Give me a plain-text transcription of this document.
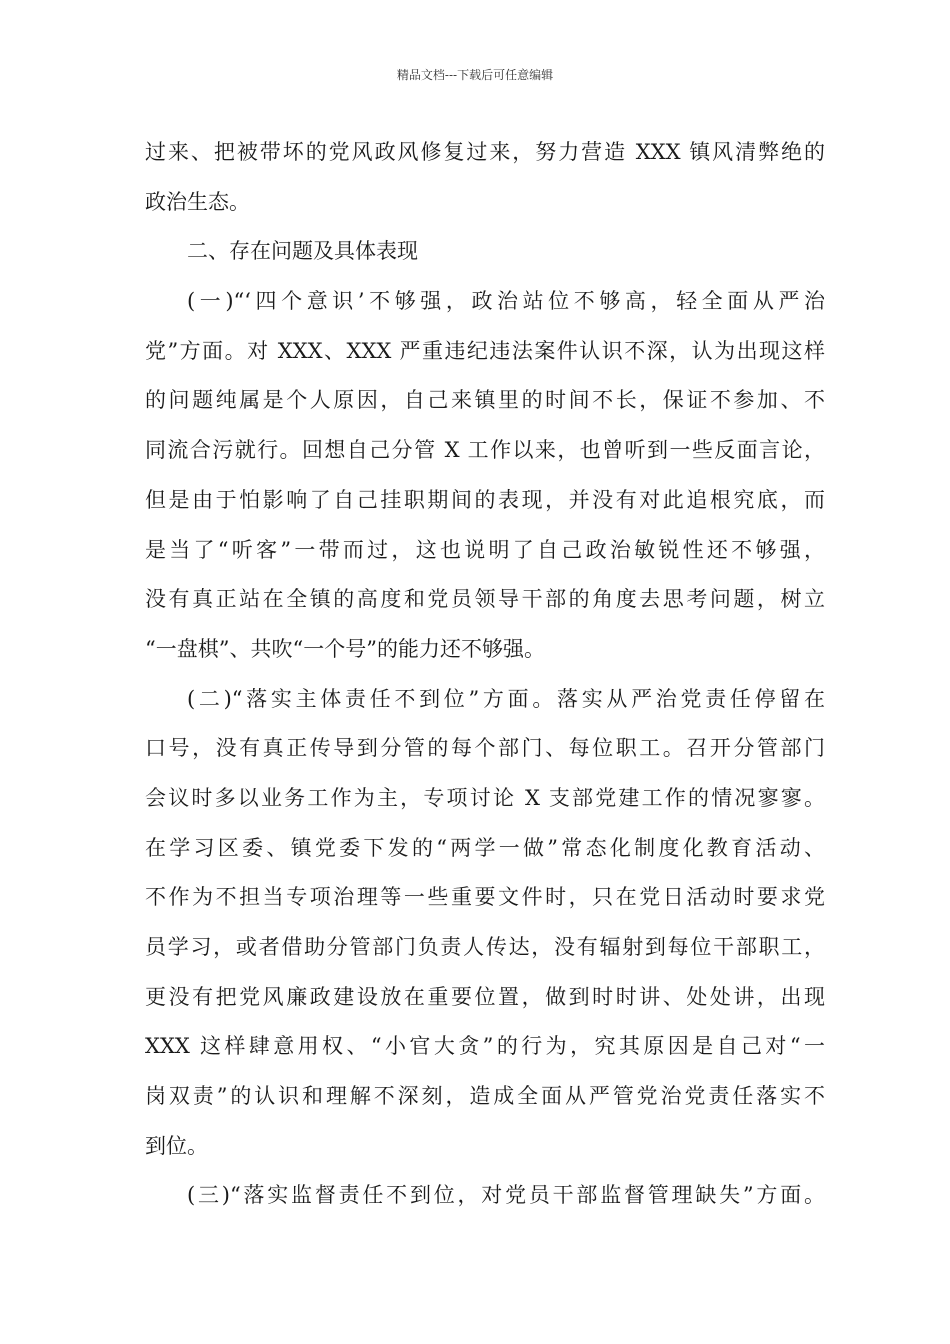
精品文档---下载后可任意编辑
过来、把被带坏的党风政风修复过来，努力营造 XXX 镇风清弊绝的
政治生态。
二、存在问题及具体表现
(一)“‘四个意识’不够强，政治站位不够高，轻全面从严治
党”方面。对 XXX、XXX 严重违纪违法案件认识不深，认为出现这样
的问题纯属是个人原因，自己来镇里的时间不长，保证不参加、不
同流合污就行。回想自己分管 X 工作以来，也曾听到一些反面言论，
但是由于怕影响了自己挂职期间的表现，并没有对此追根究底，而
是当了“听客”一带而过，这也说明了自己政治敏锐性还不够强，
没有真正站在全镇的高度和党员领导干部的角度去思考问题，树立
“一盘棋”、共吹“一个号”的能力还不够强。
(二)“落实主体责任不到位”方面。落实从严治党责任停留在
口号，没有真正传导到分管的每个部门、每位职工。召开分管部门
会议时多以业务工作为主，专项讨论 X 支部党建工作的情况寥寥。
在学习区委、镇党委下发的“两学一做”常态化制度化教育活动、
不作为不担当专项治理等一些重要文件时，只在党日活动时要求党
员学习，或者借助分管部门负责人传达，没有辐射到每位干部职工，
更没有把党风廉政建设放在重要位置，做到时时讲、处处讲，出现
XXX 这样肆意用权、“小官大贪”的行为，究其原因是自己对“一
岗双责”的认识和理解不深刻，造成全面从严管党治党责任落实不
到位。
(三)“落实监督责任不到位，对党员干部监督管理缺失”方面。
